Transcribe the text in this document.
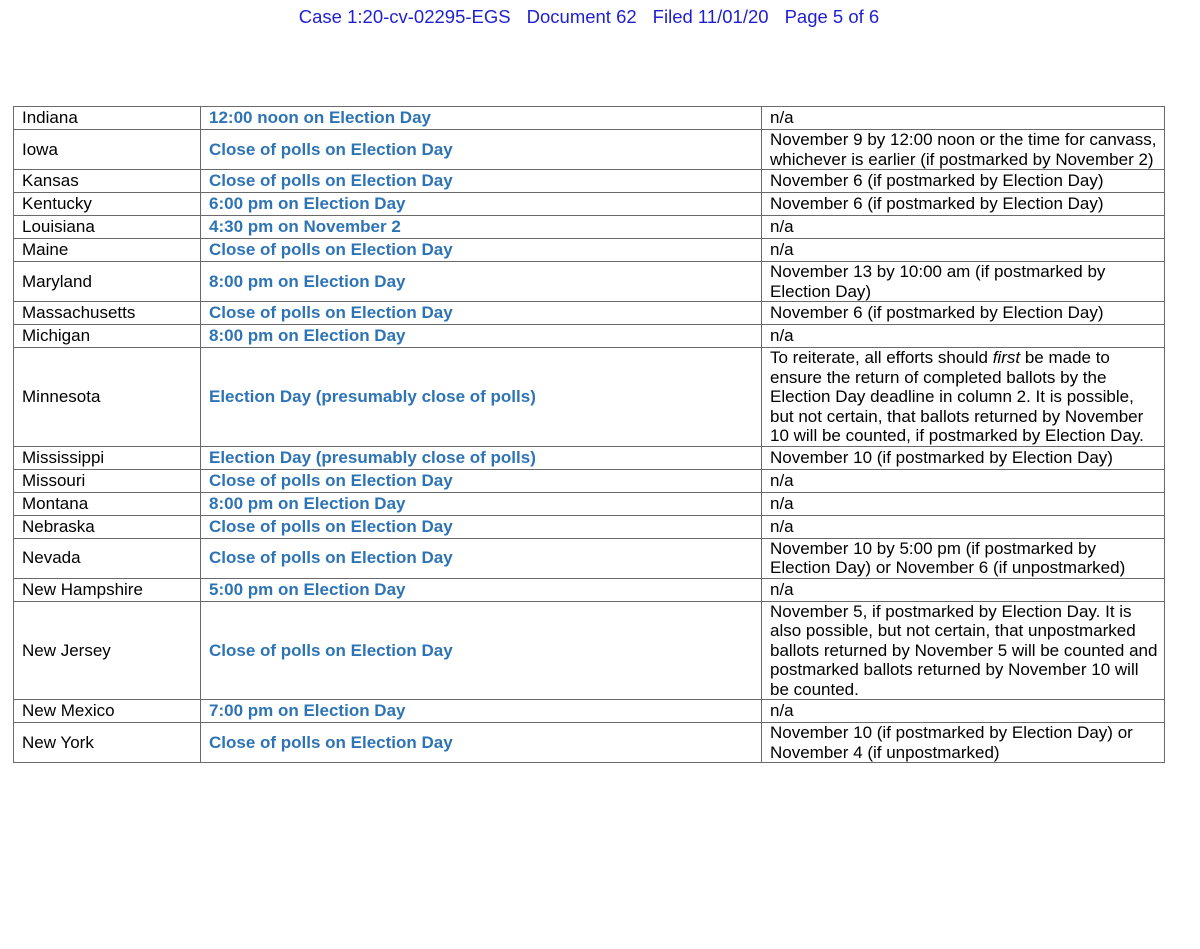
Case 1:20-cv-02295-EGS Document 62 Filed 11/01/20 Page 5 of 6
Indiana	12:00 noon on Election Day	n/a
Iowa	Close of polls on Election Day	November 9 by 12:00 noon or the time for canvass, whichever is earlier (if postmarked by November 2)
Kansas	Close of polls on Election Day	November 6 (if postmarked by Election Day)
Kentucky	6:00 pm on Election Day	November 6 (if postmarked by Election Day)
Louisiana	4:30 pm on November 2	n/a
Maine	Close of polls on Election Day	n/a
Maryland	8:00 pm on Election Day	November 13 by 10:00 am (if postmarked by Election Day)
Massachusetts	Close of polls on Election Day	November 6 (if postmarked by Election Day)
Michigan	8:00 pm on Election Day	n/a
Minnesota	Election Day (presumably close of polls)	To reiterate, all efforts should first be made to ensure the return of completed ballots by the Election Day deadline in column 2. It is possible, but not certain, that ballots returned by November 10 will be counted, if postmarked by Election Day.
Mississippi	Election Day (presumably close of polls)	November 10 (if postmarked by Election Day)
Missouri	Close of polls on Election Day	n/a
Montana	8:00 pm on Election Day	n/a
Nebraska	Close of polls on Election Day	n/a
Nevada	Close of polls on Election Day	November 10 by 5:00 pm (if postmarked by Election Day) or November 6 (if unpostmarked)
New Hampshire	5:00 pm on Election Day	n/a
New Jersey	Close of polls on Election Day	November 5, if postmarked by Election Day. It is also possible, but not certain, that unpostmarked ballots returned by November 5 will be counted and postmarked ballots returned by November 10 will be counted.
New Mexico	7:00 pm on Election Day	n/a
New York	Close of polls on Election Day	November 10 (if postmarked by Election Day) or November 4 (if unpostmarked)
